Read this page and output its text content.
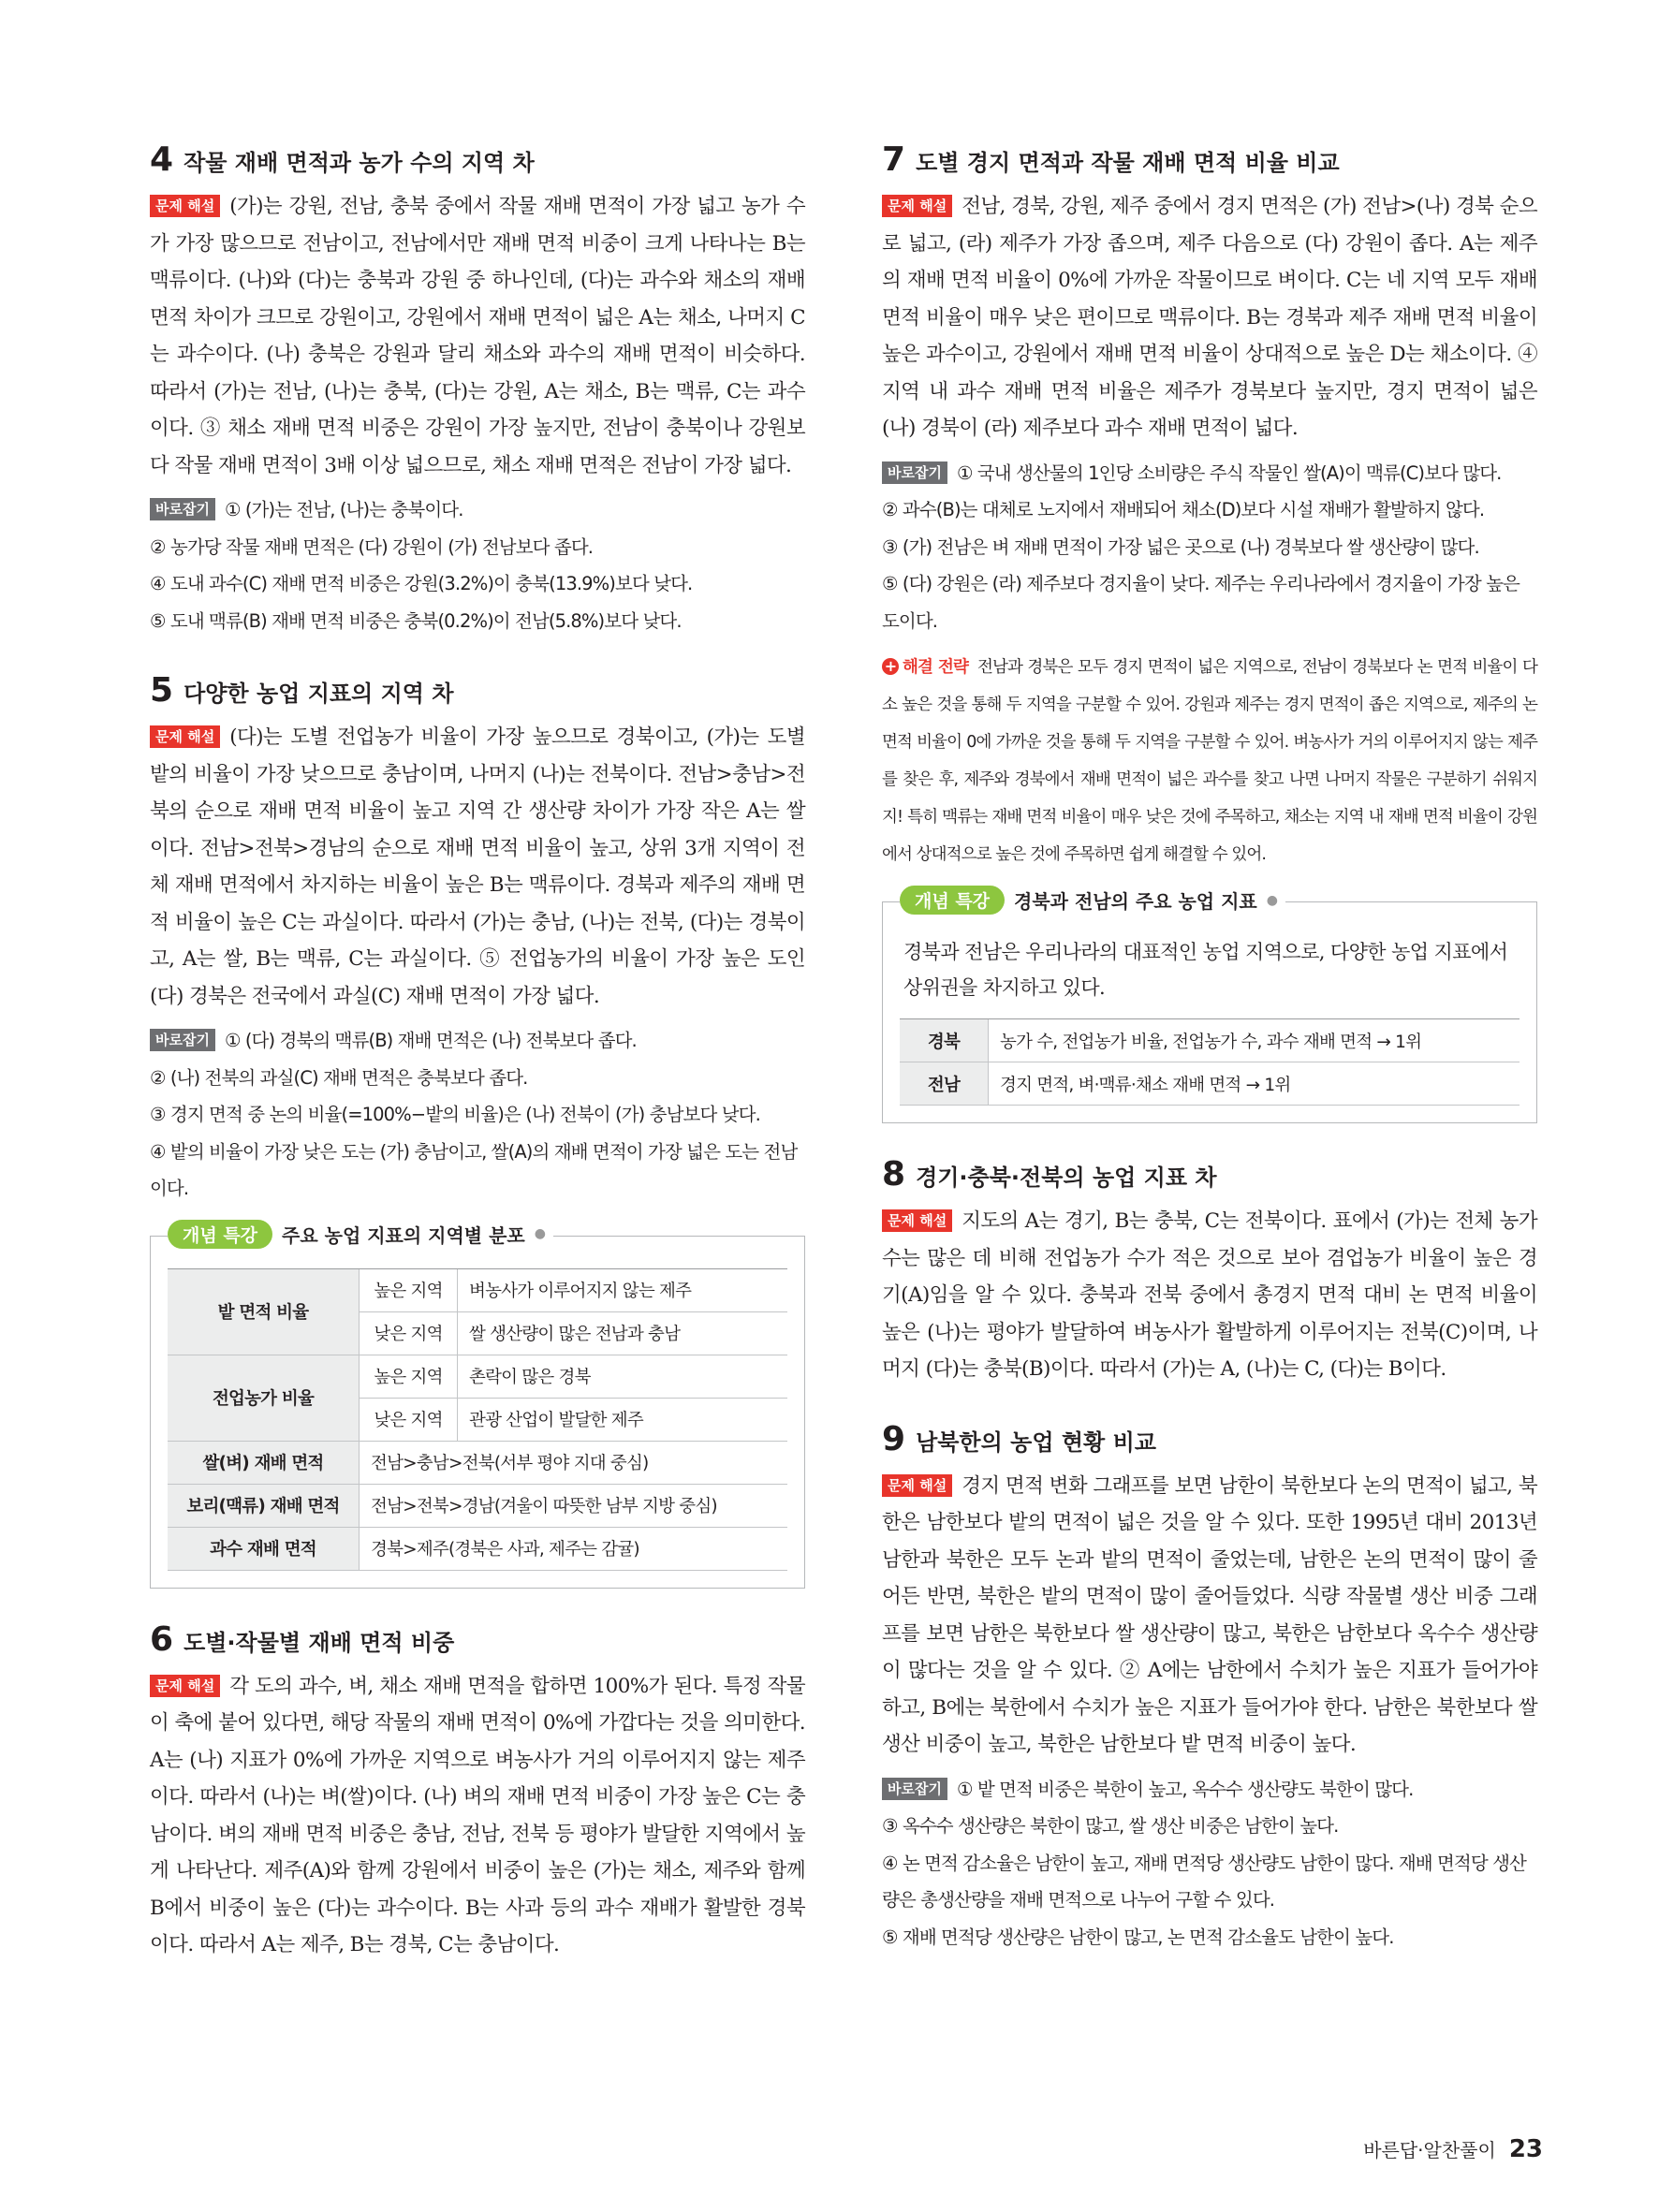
4 작물 재배 면적과 농가 수의 지역 차

문제 해설 (가)는 강원, 전남, 충북 중에서 작물 재배 면적이 가장 넓고 농가 수가 가장 많으므로 전남이고, 전남에서만 재배 면적 비중이 크게 나타나는 B는 맥류이다. (나)와 (다)는 충북과 강원 중 하나인데, (다)는 과수와 채소의 재배 면적 차이가 크므로 강원이고, 강원에서 재배 면적이 넓은 A는 채소, 나머지 C는 과수이다. (나) 충북은 강원과 달리 채소와 과수의 재배 면적이 비슷하다. 따라서 (가)는 전남, (나)는 충북, (다)는 강원, A는 채소, B는 맥류, C는 과수이다. ③ 채소 재배 면적 비중은 강원이 가장 높지만, 전남이 충북이나 강원보다 작물 재배 면적이 3배 이상 넓으므로, 채소 재배 면적은 전남이 가장 넓다.

바로잡기 ① (가)는 전남, (나)는 충북이다.

② 농가당 작물 재배 면적은 (다) 강원이 (가) 전남보다 좁다.

④ 도내 과수(C) 재배 면적 비중은 강원(3.2%)이 충북(13.9%)보다 낮다.

⑤ 도내 맥류(B) 재배 면적 비중은 충북(0.2%)이 전남(5.8%)보다 낮다.

5 다양한 농업 지표의 지역 차

문제 해설 (다)는 도별 전업농가 비율이 가장 높으므로 경북이고, (가)는 도별 밭의 비율이 가장 낮으므로 충남이며, 나머지 (나)는 전북이다. 전남>충남>전북의 순으로 재배 면적 비율이 높고 지역 간 생산량 차이가 가장 작은 A는 쌀이다. 전남>전북>경남의 순으로 재배 면적 비율이 높고, 상위 3개 지역이 전체 재배 면적에서 차지하는 비율이 높은 B는 맥류이다. 경북과 제주의 재배 면적 비율이 높은 C는 과실이다. 따라서 (가)는 충남, (나)는 전북, (다)는 경북이고, A는 쌀, B는 맥류, C는 과실이다. ⑤ 전업농가의 비율이 가장 높은 도인 (다) 경북은 전국에서 과실(C) 재배 면적이 가장 넓다.

바로잡기 ① (다) 경북의 맥류(B) 재배 면적은 (나) 전북보다 좁다.

② (나) 전북의 과실(C) 재배 면적은 충북보다 좁다.

③ 경지 면적 중 논의 비율(=100%−밭의 비율)은 (나) 전북이 (가) 충남보다 낮다.

④ 밭의 비율이 가장 낮은 도는 (가) 충남이고, 쌀(A)의 재배 면적이 가장 넓은 도는 전남이다.

개념 특강	주요 농업 지표의 지역별 분포 ●
밭 면적 비율	높은 지역	벼농사가 이루어지지 않는 제주
	낮은 지역	쌀 생산량이 많은 전남과 충남
전업농가 비율	높은 지역	촌락이 많은 경북
	낮은 지역	관광 산업이 발달한 제주
쌀(벼) 재배 면적	전남>충남>전북(서부 평야 지대 중심)	
보리(맥류) 재배 면적	전남>전북>경남(겨울이 따뜻한 남부 지방 중심)	
과수 재배 면적	경북>제주(경북은 사과, 제주는 감귤)	
6 도별·작물별 재배 면적 비중

문제 해설 각 도의 과수, 벼, 채소 재배 면적을 합하면 100%가 된다. 특정 작물이 축에 붙어 있다면, 해당 작물의 재배 면적이 0%에 가깝다는 것을 의미한다. A는 (나) 지표가 0%에 가까운 지역으로 벼농사가 거의 이루어지지 않는 제주이다. 따라서 (나)는 벼(쌀)이다. (나) 벼의 재배 면적 비중이 가장 높은 C는 충남이다. 벼의 재배 면적 비중은 충남, 전남, 전북 등 평야가 발달한 지역에서 높게 나타난다. 제주(A)와 함께 강원에서 비중이 높은 (가)는 채소, 제주와 함께 B에서 비중이 높은 (다)는 과수이다. B는 사과 등의 과수 재배가 활발한 경북이다. 따라서 A는 제주, B는 경북, C는 충남이다.

7 도별 경지 면적과 작물 재배 면적 비율 비교

문제 해설 전남, 경북, 강원, 제주 중에서 경지 면적은 (가) 전남>(나) 경북 순으로 넓고, (라) 제주가 가장 좁으며, 제주 다음으로 (다) 강원이 좁다. A는 제주의 재배 면적 비율이 0%에 가까운 작물이므로 벼이다. C는 네 지역 모두 재배 면적 비율이 매우 낮은 편이므로 맥류이다. B는 경북과 제주 재배 면적 비율이 높은 과수이고, 강원에서 재배 면적 비율이 상대적으로 높은 D는 채소이다. ④ 지역 내 과수 재배 면적 비율은 제주가 경북보다 높지만, 경지 면적이 넓은 (나) 경북이 (라) 제주보다 과수 재배 면적이 넓다.

바로잡기 ① 국내 생산물의 1인당 소비량은 주식 작물인 쌀(A)이 맥류(C)보다 많다.

② 과수(B)는 대체로 노지에서 재배되어 채소(D)보다 시설 재배가 활발하지 않다.

③ (가) 전남은 벼 재배 면적이 가장 넓은 곳으로 (나) 경북보다 쌀 생산량이 많다.

⑤ (다) 강원은 (라) 제주보다 경지율이 낮다. 제주는 우리나라에서 경지율이 가장 높은 도이다.

+ 해결 전략 전남과 경북은 모두 경지 면적이 넓은 지역으로, 전남이 경북보다 논 면적 비율이 다소 높은 것을 통해 두 지역을 구분할 수 있어. 강원과 제주는 경지 면적이 좁은 지역으로, 제주의 논 면적 비율이 0에 가까운 것을 통해 두 지역을 구분할 수 있어. 벼농사가 거의 이루어지지 않는 제주를 찾은 후, 제주와 경북에서 재배 면적이 넓은 과수를 찾고 나면 나머지 작물은 구분하기 쉬워지지! 특히 맥류는 재배 면적 비율이 매우 낮은 것에 주목하고, 채소는 지역 내 재배 면적 비율이 강원에서 상대적으로 높은 것에 주목하면 쉽게 해결할 수 있어.

개념 특강	경북과 전남의 주요 농업 지표 ●

경북과 전남은 우리나라의 대표적인 농업 지역으로, 다양한 농업 지표에서 상위권을 차지하고 있다.

경북	농가 수, 전업농가 비율, 전업농가 수, 과수 재배 면적 → 1위
전남	경지 면적, 벼·맥류·채소 재배 면적 → 1위
8 경기·충북·전북의 농업 지표 차

문제 해설 지도의 A는 경기, B는 충북, C는 전북이다. 표에서 (가)는 전체 농가 수는 많은 데 비해 전업농가 수가 적은 것으로 보아 겸업농가 비율이 높은 경기(A)임을 알 수 있다. 충북과 전북 중에서 총경지 면적 대비 논 면적 비율이 높은 (나)는 평야가 발달하여 벼농사가 활발하게 이루어지는 전북(C)이며, 나머지 (다)는 충북(B)이다. 따라서 (가)는 A, (나)는 C, (다)는 B이다.

9 남북한의 농업 현황 비교

문제 해설 경지 면적 변화 그래프를 보면 남한이 북한보다 논의 면적이 넓고, 북한은 남한보다 밭의 면적이 넓은 것을 알 수 있다. 또한 1995년 대비 2013년 남한과 북한은 모두 논과 밭의 면적이 줄었는데, 남한은 논의 면적이 많이 줄어든 반면, 북한은 밭의 면적이 많이 줄어들었다. 식량 작물별 생산 비중 그래프를 보면 남한은 북한보다 쌀 생산량이 많고, 북한은 남한보다 옥수수 생산량이 많다는 것을 알 수 있다. ② A에는 남한에서 수치가 높은 지표가 들어가야 하고, B에는 북한에서 수치가 높은 지표가 들어가야 한다. 남한은 북한보다 쌀 생산 비중이 높고, 북한은 남한보다 밭 면적 비중이 높다.

바로잡기 ① 밭 면적 비중은 북한이 높고, 옥수수 생산량도 북한이 많다.

③ 옥수수 생산량은 북한이 많고, 쌀 생산 비중은 남한이 높다.

④ 논 면적 감소율은 남한이 높고, 재배 면적당 생산량도 남한이 많다. 재배 면적당 생산량은 총생산량을 재배 면적으로 나누어 구할 수 있다.

⑤ 재배 면적당 생산량은 남한이 많고, 논 면적 감소율도 남한이 높다.

바른답·알찬풀이 23
